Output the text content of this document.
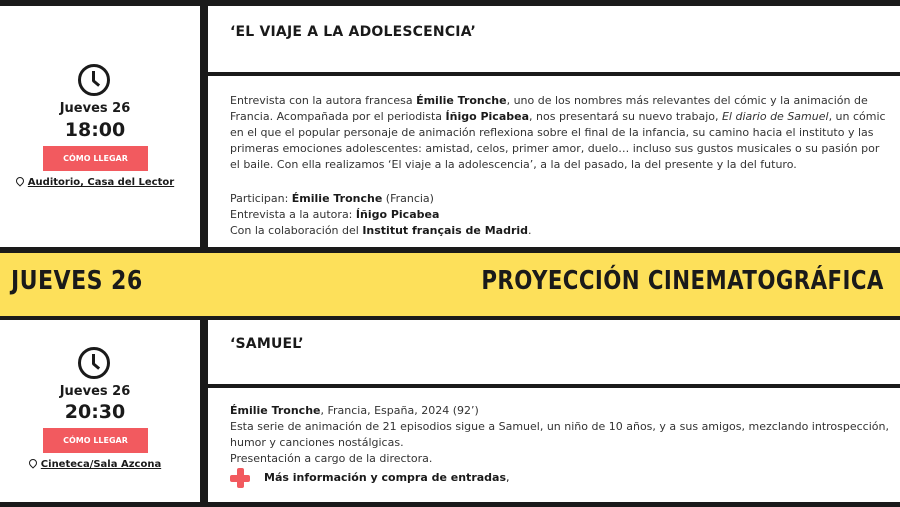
Jueves 26
18:00
CÓMO LLEGAR
Auditorio, Casa del Lector
‘EL VIAJE A LA ADOLESCENCIA’
Entrevista con la autora francesa Émilie Tronche, uno de los nombres más relevantes del cómic y la animación de Francia. Acompañada por el periodista Íñigo Picabea, nos presentará su nuevo trabajo, El diario de Samuel, un cómic en el que el popular personaje de animación reflexiona sobre el final de la infancia, su camino hacia el instituto y las primeras emociones adolescentes: amistad, celos, primer amor, duelo… incluso sus gustos musicales o su pasión por el baile. Con ella realizamos ‘El viaje a la adolescencia’, a la del pasado, la del presente y la del futuro.
Participan: Émilie Tronche (Francia)
Entrevista a la autora: Íñigo Picabea
Con la colaboración del Institut français de Madrid.
JUEVES 26	PROYECCIÓN CINEMATOGRÁFICA
Jueves 26
20:30
CÓMO LLEGAR
Cineteca/Sala Azcona
‘SAMUEL’
Émilie Tronche, Francia, España, 2024 (92’)
Esta serie de animación de 21 episodios sigue a Samuel, un niño de 10 años, y a sus amigos, mezclando introspección, humor y canciones nostálgicas.
Presentación a cargo de la directora.
Más información y compra de entradas,
